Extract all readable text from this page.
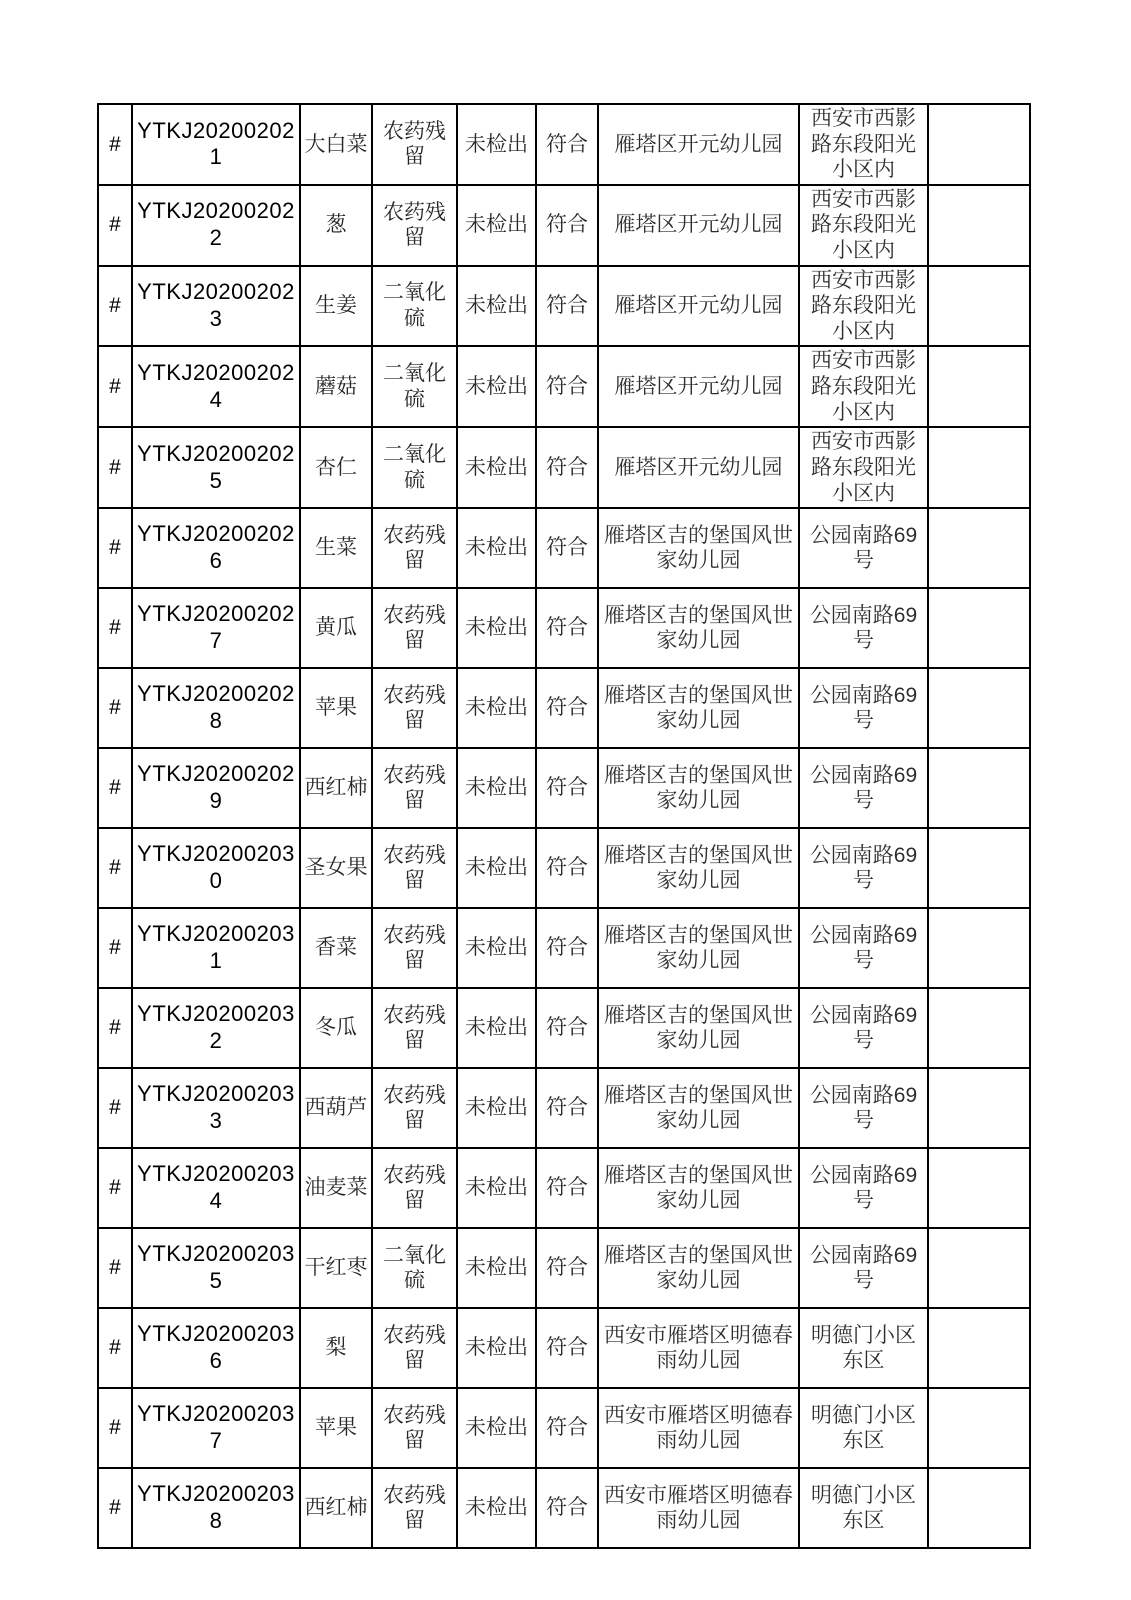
#	YTKJ202002021	大白菜	农药残留	未检出	符合	雁塔区开元幼儿园	西安市西影路东段阳光小区内	
#	YTKJ202002022	葱	农药残留	未检出	符合	雁塔区开元幼儿园	西安市西影路东段阳光小区内	
#	YTKJ202002023	生姜	二氧化硫	未检出	符合	雁塔区开元幼儿园	西安市西影路东段阳光小区内	
#	YTKJ202002024	蘑菇	二氧化硫	未检出	符合	雁塔区开元幼儿园	西安市西影路东段阳光小区内	
#	YTKJ202002025	杏仁	二氧化硫	未检出	符合	雁塔区开元幼儿园	西安市西影路东段阳光小区内	
#	YTKJ202002026	生菜	农药残留	未检出	符合	雁塔区吉的堡国风世家幼儿园	公园南路69号	
#	YTKJ202002027	黄瓜	农药残留	未检出	符合	雁塔区吉的堡国风世家幼儿园	公园南路69号	
#	YTKJ202002028	苹果	农药残留	未检出	符合	雁塔区吉的堡国风世家幼儿园	公园南路69号	
#	YTKJ202002029	西红柿	农药残留	未检出	符合	雁塔区吉的堡国风世家幼儿园	公园南路69号	
#	YTKJ202002030	圣女果	农药残留	未检出	符合	雁塔区吉的堡国风世家幼儿园	公园南路69号	
#	YTKJ202002031	香菜	农药残留	未检出	符合	雁塔区吉的堡国风世家幼儿园	公园南路69号	
#	YTKJ202002032	冬瓜	农药残留	未检出	符合	雁塔区吉的堡国风世家幼儿园	公园南路69号	
#	YTKJ202002033	西葫芦	农药残留	未检出	符合	雁塔区吉的堡国风世家幼儿园	公园南路69号	
#	YTKJ202002034	油麦菜	农药残留	未检出	符合	雁塔区吉的堡国风世家幼儿园	公园南路69号	
#	YTKJ202002035	干红枣	二氧化硫	未检出	符合	雁塔区吉的堡国风世家幼儿园	公园南路69号	
#	YTKJ202002036	梨	农药残留	未检出	符合	西安市雁塔区明德春雨幼儿园	明德门小区东区	
#	YTKJ202002037	苹果	农药残留	未检出	符合	西安市雁塔区明德春雨幼儿园	明德门小区东区	
#	YTKJ202002038	西红柿	农药残留	未检出	符合	西安市雁塔区明德春雨幼儿园	明德门小区东区	
